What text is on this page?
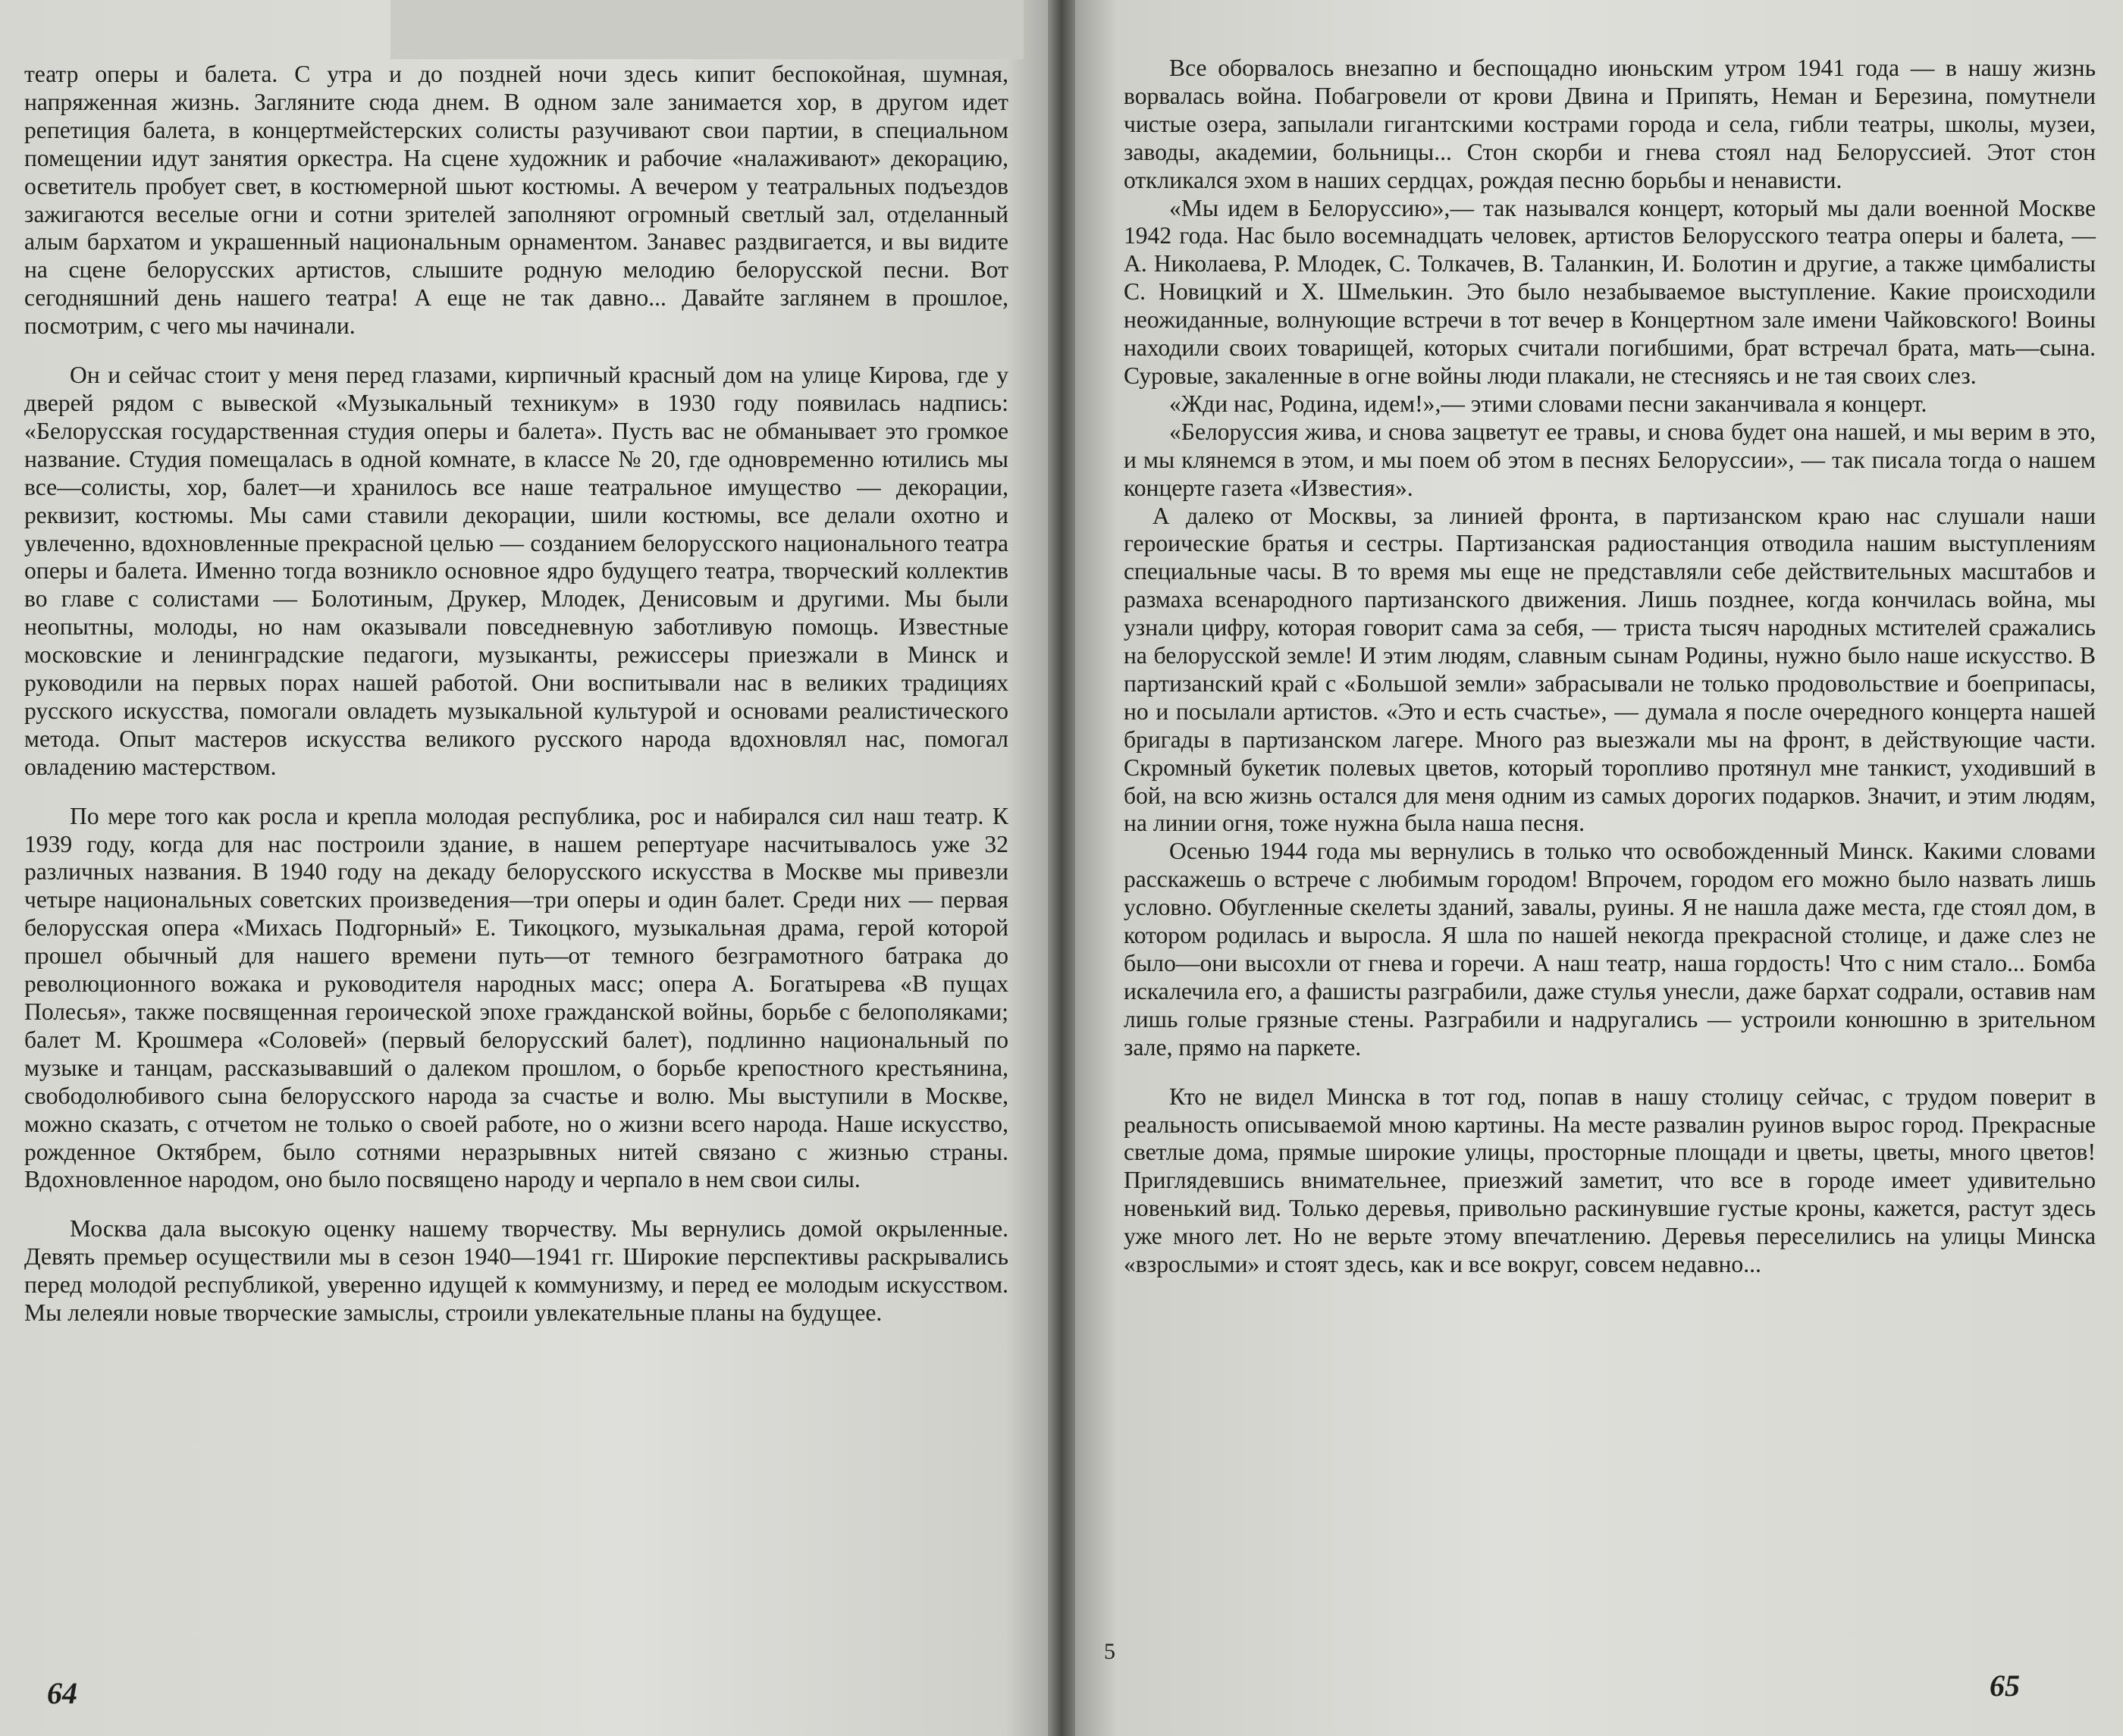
театр оперы и балета. С утра и до поздней ночи здесь кипит беспокойная, шумная, напряженная жизнь. Загляните сюда днем. В одном зале занимается хор, в другом идет репетиция балета, в концертмейстерских солисты разучивают свои партии, в специальном помещении идут занятия оркестра. На сцене художник и рабочие «налаживают» декорацию, осветитель пробует свет, в костюмерной шьют костюмы. А вечером у театральных подъездов зажигаются веселые огни и сотни зрителей заполняют огромный светлый зал, отделанный алым бархатом и украшенный национальным орнаментом. Занавес раздвигается, и вы видите на сцене белорусских артистов, слышите родную мелодию белорусской песни. Вот сегодняшний день нашего театра! А еще не так давно... Давайте заглянем в прошлое, посмотрим, с чего мы начинали.

Он и сейчас стоит у меня перед глазами, кирпичный красный дом на улице Кирова, где у дверей рядом с вывеской «Музыкальный техникум» в 1930 году появилась надпись: «Белорусская государственная студия оперы и балета». Пусть вас не обманывает это громкое название. Студия помещалась в одной комнате, в классе № 20, где одновременно ютились мы все—солисты, хор, балет—и хранилось все наше театральное имущество — декорации, реквизит, костюмы. Мы сами ставили декорации, шили костюмы, все делали охотно и увлеченно, вдохновленные прекрасной целью — созданием белорусского национального театра оперы и балета. Именно тогда возникло основное ядро будущего театра, творческий коллектив во главе с солистами — Болотиным, Друкер, Млодек, Денисовым и другими. Мы были неопытны, молоды, но нам оказывали повседневную заботливую помощь. Известные московские и ленинградские педагоги, музыканты, режиссеры приезжали в Минск и руководили на первых порах нашей работой. Они воспитывали нас в великих традициях русского искусства, помогали овладеть музыкальной культурой и основами реалистического метода. Опыт мастеров искусства великого русского народа вдохновлял нас, помогал овладению мастерством.

По мере того как росла и крепла молодая республика, рос и набирался сил наш театр. К 1939 году, когда для нас построили здание, в нашем репертуаре насчитывалось уже 32 различных названия. В 1940 году на декаду белорусского искусства в Москве мы привезли четыре национальных советских произведения—три оперы и один балет. Среди них — первая белорусская опера «Михась Подгорный» Е. Тикоцкого, музыкальная драма, герой которой прошел обычный для нашего времени путь—от темного безграмотного батрака до революционного вожака и руководителя народных масс; опера А. Богатырева «В пущах Полесья», также посвященная героической эпохе гражданской войны, борьбе с белополяками; балет М. Крошмера «Соловей» (первый белорусский балет), подлинно национальный по музыке и танцам, рассказывавший о далеком прошлом, о борьбе крепостного крестьянина, свободолюбивого сына белорусского народа за счастье и волю. Мы выступили в Москве, можно сказать, с отчетом не только о своей работе, но о жизни всего народа. Наше искусство, рожденное Октябрем, было сотнями неразрывных нитей связано с жизнью страны. Вдохновленное народом, оно было посвящено народу и черпало в нем свои силы.

Москва дала высокую оценку нашему творчеству. Мы вернулись домой окрыленные. Девять премьер осуществили мы в сезон 1940—1941 гг. Широкие перспективы раскрывались перед молодой республикой, уверенно идущей к коммунизму, и перед ее молодым искусством. Мы лелеяли новые творческие замыслы, строили увлекательные планы на будущее.

64

Все оборвалось внезапно и беспощадно июньским утром 1941 года — в нашу жизнь ворвалась война. Побагровели от крови Двина и Припять, Неман и Березина, помутнели чистые озера, запылали гигантскими кострами города и села, гибли театры, школы, музеи, заводы, академии, больницы... Стон скорби и гнева стоял над Белоруссией. Этот стон откликался эхом в наших сердцах, рождая песню борьбы и ненависти.

«Мы идем в Белоруссию»,— так назывался концерт, который мы дали военной Москве 1942 года. Нас было восемнадцать человек, артистов Белорусского театра оперы и балета, — А. Николаева, Р. Млодек, С. Толкачев, В. Таланкин, И. Болотин и другие, а также цимбалисты С. Новицкий и Х. Шмелькин. Это было незабываемое выступление. Какие происходили неожиданные, волнующие встречи в тот вечер в Концертном зале имени Чайковского! Воины находили своих товарищей, которых считали погибшими, брат встречал брата, мать—сына. Суровые, закаленные в огне войны люди плакали, не стесняясь и не тая своих слез.

«Жди нас, Родина, идем!»,— этими словами песни заканчивала я концерт.

«Белоруссия жива, и снова зацветут ее травы, и снова будет она нашей, и мы верим в это, и мы клянемся в этом, и мы поем об этом в песнях Белоруссии», — так писала тогда о нашем концерте газета «Известия».

А далеко от Москвы, за линией фронта, в партизанском краю нас слушали наши героические братья и сестры. Партизанская радиостанция отводила нашим выступлениям специальные часы. В то время мы еще не представляли себе действительных масштабов и размаха всенародного партизанского движения. Лишь позднее, когда кончилась война, мы узнали цифру, которая говорит сама за себя, — триста тысяч народных мстителей сражались на белорусской земле! И этим людям, славным сынам Родины, нужно было наше искусство. В партизанский край с «Большой земли» забрасывали не только продовольствие и боеприпасы, но и посылали артистов. «Это и есть счастье», — думала я после очередного концерта нашей бригады в партизанском лагере. Много раз выезжали мы на фронт, в действующие части. Скромный букетик полевых цветов, который торопливо протянул мне танкист, уходивший в бой, на всю жизнь остался для меня одним из самых дорогих подарков. Значит, и этим людям, на линии огня, тоже нужна была наша песня.

Осенью 1944 года мы вернулись в только что освобожденный Минск. Какими словами расскажешь о встрече с любимым городом! Впрочем, городом его можно было назвать лишь условно. Обугленные скелеты зданий, завалы, руины. Я не нашла даже места, где стоял дом, в котором родилась и выросла. Я шла по нашей некогда прекрасной столице, и даже слез не было—они высохли от гнева и горечи. А наш театр, наша гордость! Что с ним стало... Бомба искалечила его, а фашисты разграбили, даже стулья унесли, даже бархат содрали, оставив нам лишь голые грязные стены. Разграбили и надругались — устроили конюшню в зрительном зале, прямо на паркете.

Кто не видел Минска в тот год, попав в нашу столицу сейчас, с трудом поверит в реальность описываемой мною картины. На месте развалин руинов вырос город. Прекрасные светлые дома, прямые широкие улицы, просторные площади и цветы, цветы, много цветов! Приглядевшись внимательнее, приезжий заметит, что все в городе имеет удивительно новенький вид. Только деревья, привольно раскинувшие густые кроны, кажется, растут здесь уже много лет. Но не верьте этому впечатлению. Деревья переселились на улицы Минска «взрослыми» и стоят здесь, как и все вокруг, совсем недавно...

5
65
